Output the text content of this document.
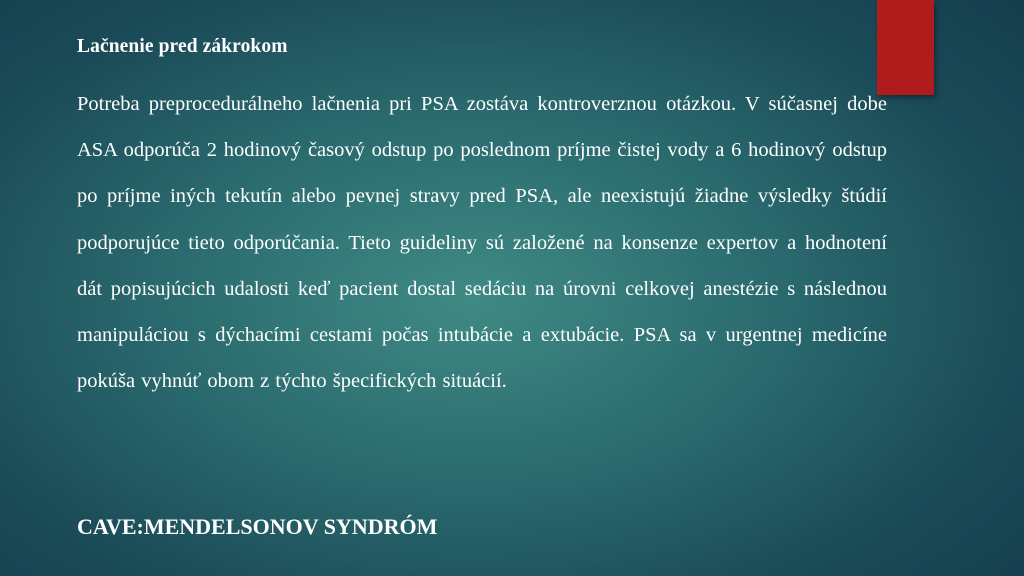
Lačnenie pred zákrokom
Potreba preprocedurálneho lačnenia pri PSA zostáva kontroverznou otázkou. V súčasnej dobe ASA odporúča 2 hodinový časový odstup po poslednom príjme čistej vody a 6 hodinový odstup po príjme iných tekutín alebo pevnej stravy pred PSA, ale neexistujú žiadne výsledky štúdií podporujúce tieto odporúčania. Tieto guideliny sú založené na konsenze expertov a hodnotení dát popisujúcich udalosti keď pacient dostal sedáciu na úrovni celkovej anestézie s následnou manipuláciou s dýchacími cestami počas intubácie a extubácie. PSA sa v urgentnej medicíne pokúša vyhnúť obom z týchto špecifických situácií.
CAVE:MENDELSONOV SYNDRÓM
